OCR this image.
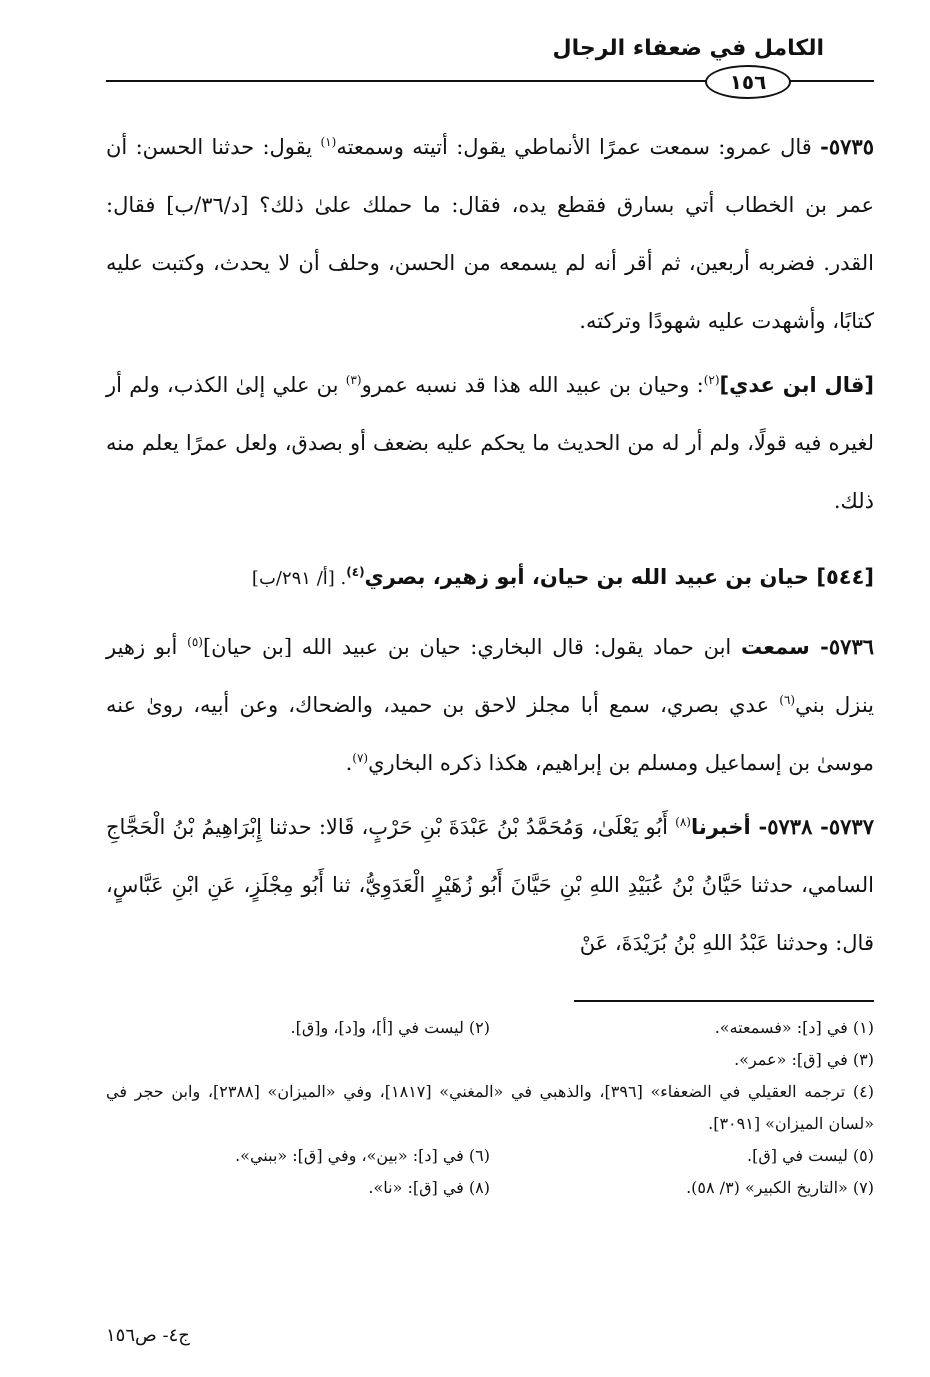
الكامل في ضعفاء الرجال
١٥٦

٥٧٣٥- قال عمرو: سمعت عمرًا الأنماطي يقول: أتيته وسمعته$^{(١)}$ يقول: حدثنا الحسن: أن عمر بن الخطاب أتي بسارق فقطع يده، فقال: ما حملك علىٰ ذلك؟ [د/٣٦/ب] فقال: القدر. فضربه أربعين، ثم أقر أنه لم يسمعه من الحسن، وحلف أن لا يحدث، وكتبت عليه كتابًا، وأشهدت عليه شهودًا وتركته.

[قال ابن عدي]$^{(٢)}$: وحيان بن عبيد الله هذا قد نسبه عمرو$^{(٣)}$ بن علي إلىٰ الكذب، ولم أر لغيره فيه قولًا، ولم أر له من الحديث ما يحكم عليه بضعف أو بصدق، ولعل عمرًا يعلم منه ذلك.

[٥٤٤] حيان بن عبيد الله بن حيان، أبو زهير، بصري$^{(٤)}$. [أ/ ٢٩١/ب]

٥٧٣٦- سمعت ابن حماد يقول: قال البخاري: حيان بن عبيد الله [بن حيان]$^{(٥)}$ أبو زهير ينزل بني$^{(٦)}$ عدي بصري، سمع أبا مجلز لاحق بن حميد، والضحاك، وعن أبيه، روىٰ عنه موسىٰ بن إسماعيل ومسلم بن إبراهيم، هكذا ذكره البخاري$^{(٧)}$.

٥٧٣٧- ٥٧٣٨- أخبرنا$^{(٨)}$ أَبُو يَعْلَىٰ، وَمُحَمَّدُ بْنُ عَبْدَةَ بْنِ حَرْبٍ، قَالا: حدثنا إِبْرَاهِيمُ بْنُ الْحَجَّاجِ السامي، حدثنا حَيَّانُ بْنُ عُبَيْدِ اللهِ بْنِ حَيَّانَ أَبُو زُهَيْرٍ الْعَدَوِيُّ، ثنا أَبُو مِجْلَزٍ، عَنِ ابْنِ عَبَّاسٍ، قال: وحدثنا عَبْدُ اللهِ بْنُ بُرَيْدَةَ، عَنْ

(١) في [د]: «فسمعته».
(٢) ليست في [أ]، و[د]، و[ق].
(٣) في [ق]: «عمر».
(٤) ترجمه العقيلي في الضعفاء» [٣٩٦]، والذهبي في «المغني» [١٨١٧]، وفي «الميزان» [٢٣٨٨]، وابن حجر في «لسان الميزان» [٣٠٩١].
(٥) ليست في [ق].
(٦) في [د]: «بين»، وفي [ق]: «ببني».
(٧) «التاريخ الكبير» (٣/ ٥٨).
(٨) في [ق]: «نا».
ج٤- ص١٥٦
